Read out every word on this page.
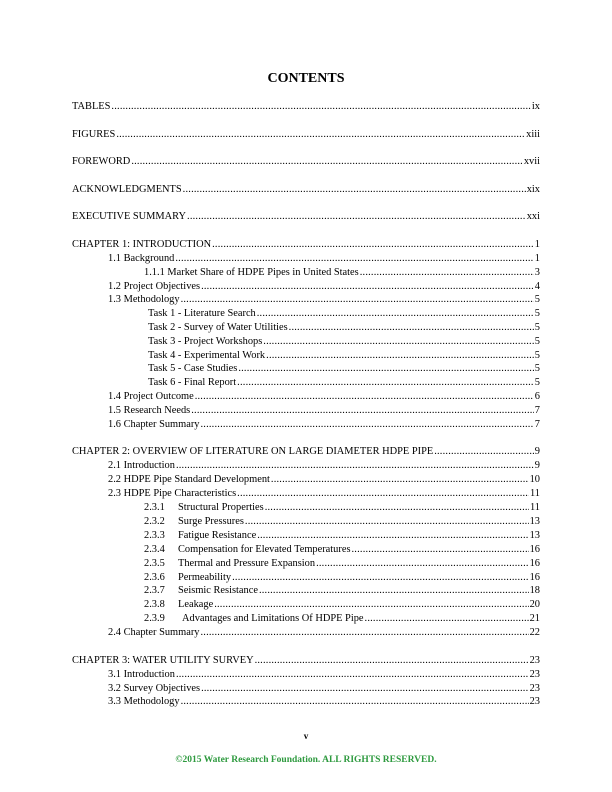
CONTENTS
TABLES .....	ix
FIGURES .....	xiii
FOREWORD .....	xvii
ACKNOWLEDGMENTS .....	xix
EXECUTIVE SUMMARY .....	xxi
CHAPTER 1: INTRODUCTION .....	1
1.1 Background .....	1
1.1.1 Market Share of HDPE Pipes in United States .....	3
1.2 Project Objectives .....	4
1.3 Methodology .....	5
Task 1 - Literature Search .....	5
Task 2 - Survey of Water Utilities .....	5
Task 3 - Project Workshops .....	5
Task 4 - Experimental Work .....	5
Task 5 - Case Studies .....	5
Task 6 - Final Report .....	5
1.4 Project Outcome .....	6
1.5 Research Needs .....	7
1.6 Chapter Summary .....	7
CHAPTER 2: OVERVIEW OF LITERATURE ON LARGE DIAMETER HDPE PIPE .....	9
2.1 Introduction .....	9
2.2 HDPE Pipe Standard Development .....	10
2.3 HDPE Pipe Characteristics .....	11
2.3.1	Structural Properties .....	11
2.3.2	Surge Pressures .....	13
2.3.3	Fatigue Resistance .....	13
2.3.4	Compensation for Elevated Temperatures .....	16
2.3.5	Thermal and Pressure Expansion .....	16
2.3.6	Permeability .....	16
2.3.7	Seismic Resistance .....	18
2.3.8	Leakage .....	20
2.3.9	Advantages and Limitations Of HDPE Pipe .....	21
2.4 Chapter Summary .....	22
CHAPTER 3: WATER UTILITY SURVEY .....	23
3.1 Introduction .....	23
3.2 Survey Objectives .....	23
3.3 Methodology .....	23
v
©2015 Water Research Foundation. ALL RIGHTS RESERVED.
